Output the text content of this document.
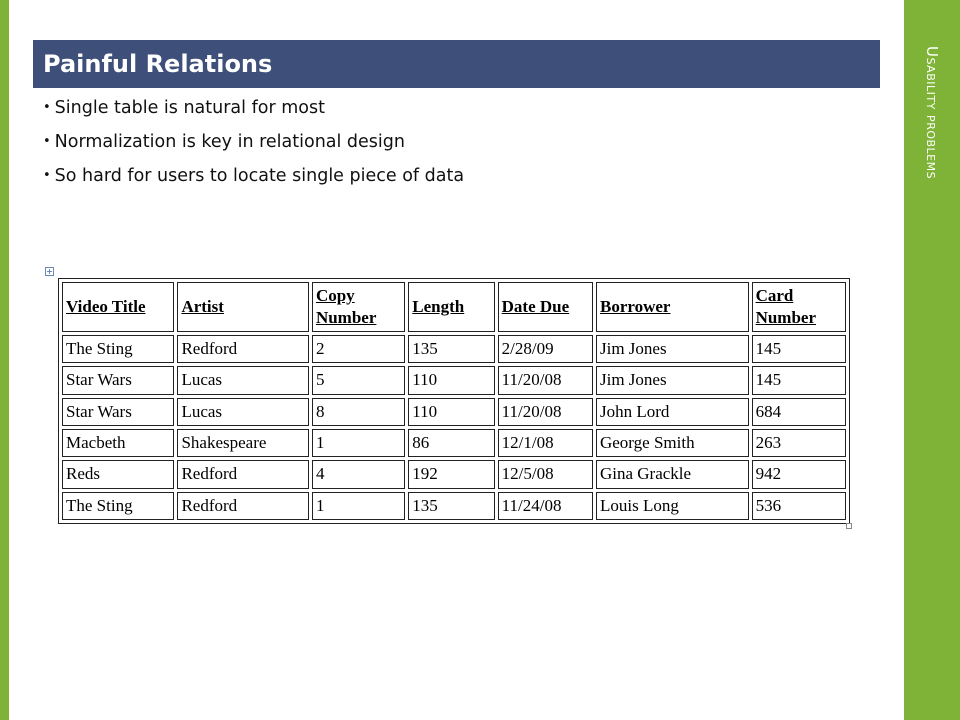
Usability problems
Painful Relations
• Single table is natural for most
• Normalization is key in relational design
• So hard for users to locate single piece of data
Video Title	Artist	Copy Number	Length	Date Due	Borrower	Card Number
The Sting	Redford	2	135	2/28/09	Jim Jones	145
Star Wars	Lucas	5	110	11/20/08	Jim Jones	145
Star Wars	Lucas	8	110	11/20/08	John Lord	684
Macbeth	Shakespeare	1	86	12/1/08	George Smith	263
Reds	Redford	4	192	12/5/08	Gina Grackle	942
The Sting	Redford	1	135	11/24/08	Louis Long	536
